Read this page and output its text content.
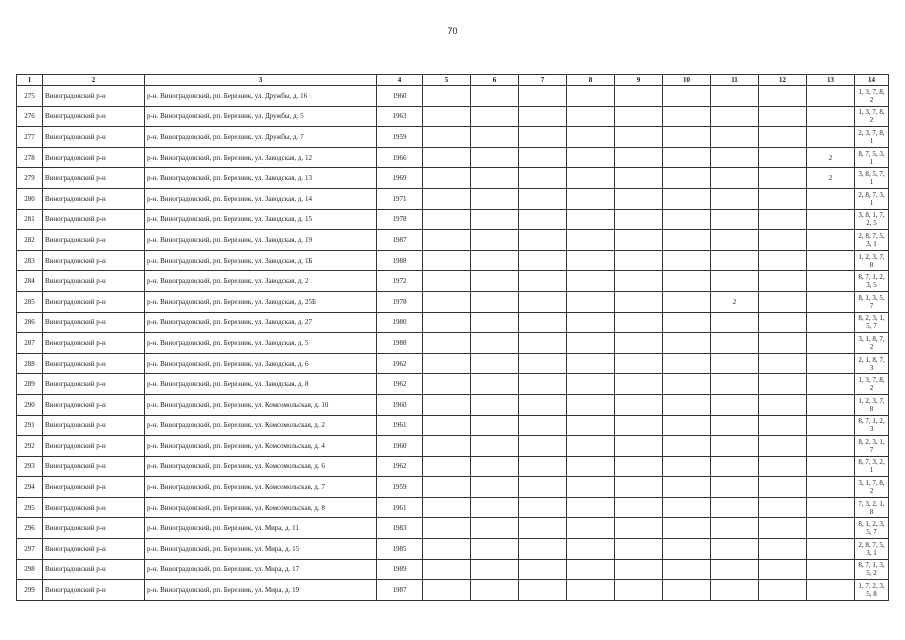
70
1	2	3	4	5	6	7	8	9	10	11	12	13	14
275	Виноградовский р-н	р-н. Виноградовский, рп. Березник, ул. Дружбы, д. 16	1960										1, 3, 7, 8, 2
276	Виноградовский р-н	р-н. Виноградовский, рп. Березник, ул. Дружбы, д. 5	1963										1, 3, 7, 8, 2
277	Виноградовский р-н	р-н. Виноградовский, рп. Березник, ул. Дружбы, д. 7	1959										2, 3, 7, 8, 1
278	Виноградовский р-н	р-н. Виноградовский, рп. Березник, ул. Заводская, д. 12	1966									2	8, 7, 5, 3, 1
279	Виноградовский р-н	р-н. Виноградовский, рп. Березник, ул. Заводская, д. 13	1969									2	3, 8, 5, 7, 1
280	Виноградовский р-н	р-н. Виноградовский, рп. Березник, ул. Заводская, д. 14	1971										2, 8, 7, 3, 1
281	Виноградовский р-н	р-н. Виноградовский, рп. Березник, ул. Заводская, д. 15	1978										3, 8, 1, 7, 2, 5
282	Виноградовский р-н	р-н. Виноградовский, рп. Березник, ул. Заводская, д. 19	1987										2, 8, 7, 5, 3, 1
283	Виноградовский р-н	р-н. Виноградовский, рп. Березник, ул. Заводская, д. 1Б	1988										1, 2, 3, 7, 8
284	Виноградовский р-н	р-н. Виноградовский, рп. Березник, ул. Заводская, д. 2	1972										8, 7, 1, 2, 3, 5
285	Виноградовский р-н	р-н. Виноградовский, рп. Березник, ул. Заводская, д. 25Б	1978							2			8, 1, 3, 5, 7
286	Виноградовский р-н	р-н. Виноградовский, рп. Березник, ул. Заводская, д. 27	1980										8, 2, 3, 1, 5, 7
287	Виноградовский р-н	р-н. Виноградовский, рп. Березник, ул. Заводская, д. 5	1988										3, 1, 8, 7, 2
288	Виноградовский р-н	р-н. Виноградовский, рп. Березник, ул. Заводская, д. 6	1962										2, 1, 8, 7, 3
289	Виноградовский р-н	р-н. Виноградовский, рп. Березник, ул. Заводская, д. 8	1962										1, 3, 7, 8, 2
290	Виноградовский р-н	р-н. Виноградовский, рп. Березник, ул. Комсомольская, д. 10	1960										1, 2, 3, 7, 8
291	Виноградовский р-н	р-н. Виноградовский, рп. Березник, ул. Комсомольская, д. 2	1961										8, 7, 1, 2, 3
292	Виноградовский р-н	р-н. Виноградовский, рп. Березник, ул. Комсомольская, д. 4	1960										8, 2, 3, 1, 7
293	Виноградовский р-н	р-н. Виноградовский, рп. Березник, ул. Комсомольская, д. 6	1962										8, 7, 3, 2, 1
294	Виноградовский р-н	р-н. Виноградовский, рп. Березник, ул. Комсомольская, д. 7	1959										3, 1, 7, 8, 2
295	Виноградовский р-н	р-н. Виноградовский, рп. Березник, ул. Комсомольская, д. 8	1961										7, 3, 2, 1, 8
296	Виноградовский р-н	р-н. Виноградовский, рп. Березник, ул. Мира, д. 11	1983										8, 1, 2, 3, 5, 7
297	Виноградовский р-н	р-н. Виноградовский, рп. Березник, ул. Мира, д. 15	1985										2, 8, 7, 5, 3, 1
298	Виноградовский р-н	р-н. Виноградовский, рп. Березник, ул. Мира, д. 17	1989										8, 7, 1, 3, 5, 2
299	Виноградовский р-н	р-н. Виноградовский, рп. Березник, ул. Мира, д. 19	1987										1, 7, 2, 3, 5, 8
